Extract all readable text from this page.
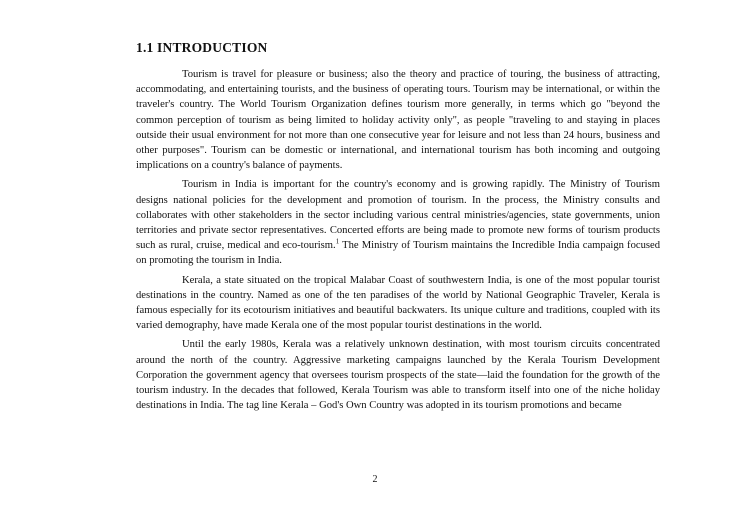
1.1 INTRODUCTION

Tourism is travel for pleasure or business; also the theory and practice of touring, the business of attracting, accommodating, and entertaining tourists, and the business of operating tours. Tourism may be international, or within the traveler's country. The World Tourism Organization defines tourism more generally, in terms which go "beyond the common perception of tourism as being limited to holiday activity only", as people "traveling to and staying in places outside their usual environment for not more than one consecutive year for leisure and not less than 24 hours, business and other purposes". Tourism can be domestic or international, and international tourism has both incoming and outgoing implications on a country's balance of payments.

Tourism in India is important for the country's economy and is growing rapidly. The Ministry of Tourism designs national policies for the development and promotion of tourism. In the process, the Ministry consults and collaborates with other stakeholders in the sector including various central ministries/agencies, state governments, union territories and private sector representatives. Concerted efforts are being made to promote new forms of tourism products such as rural, cruise, medical and eco-tourism.$^1$ The Ministry of Tourism maintains the Incredible India campaign focused on promoting the tourism in India.

Kerala, a state situated on the tropical Malabar Coast of southwestern India, is one of the most popular tourist destinations in the country. Named as one of the ten paradises of the world by National Geographic Traveler, Kerala is famous especially for its ecotourism initiatives and beautiful backwaters. Its unique culture and traditions, coupled with its varied demography, have made Kerala one of the most popular tourist destinations in the world.

Until the early 1980s, Kerala was a relatively unknown destination, with most tourism circuits concentrated around the north of the country. Aggressive marketing campaigns launched by the Kerala Tourism Development Corporation the government agency that oversees tourism prospects of the state—laid the foundation for the growth of the tourism industry. In the decades that followed, Kerala Tourism was able to transform itself into one of the niche holiday destinations in India. The tag line Kerala – God's Own Country was adopted in its tourism promotions and became

2
